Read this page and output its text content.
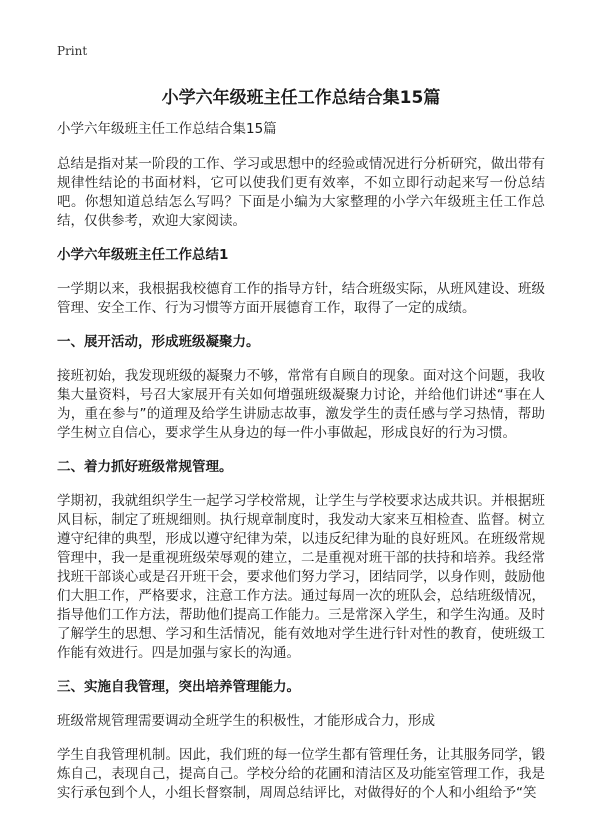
Print
小学六年级班主任工作总结合集15篇

小学六年级班主任工作总结合集15篇

总结是指对某一阶段的工作、学习或思想中的经验或情况进行分析研究，做出带有规律性结论的书面材料，它可以使我们更有效率，不如立即行动起来写一份总结吧。你想知道总结怎么写吗？下面是小编为大家整理的小学六年级班主任工作总结，仅供参考，欢迎大家阅读。

小学六年级班主任工作总结1

一学期以来，我根据我校德育工作的指导方针，结合班级实际，从班风建设、班级管理、安全工作、行为习惯等方面开展德育工作，取得了一定的成绩。

一、展开活动，形成班级凝聚力。

接班初始，我发现班级的凝聚力不够，常常有自顾自的现象。面对这个问题，我收集大量资料，号召大家展开有关如何增强班级凝聚力讨论，并给他们讲述“事在人为，重在参与”的道理及给学生讲励志故事，激发学生的责任感与学习热情，帮助学生树立自信心，要求学生从身边的每一件小事做起，形成良好的行为习惯。

二、着力抓好班级常规管理。

学期初，我就组织学生一起学习学校常规，让学生与学校要求达成共识。并根据班风目标，制定了班规细则。执行规章制度时，我发动大家来互相检查、监督。树立遵守纪律的典型，形成以遵守纪律为荣，以违反纪律为耻的良好班风。在班级常规管理中，我一是重视班级荣辱观的建立，二是重视对班干部的扶持和培养。我经常找班干部谈心或是召开班干会，要求他们努力学习，团结同学，以身作则，鼓励他们大胆工作，严格要求，注意工作方法。通过每周一次的班队会，总结班级情况，指导他们工作方法，帮助他们提高工作能力。三是常深入学生，和学生沟通。及时了解学生的思想、学习和生活情况，能有效地对学生进行针对性的教育，使班级工作能有效进行。四是加强与家长的沟通。

三、实施自我管理，突出培养管理能力。

班级常规管理需要调动全班学生的积极性，才能形成合力，形成

学生自我管理机制。因此，我们班的每一位学生都有管理任务，让其服务同学，锻炼自己，表现自己，提高自己。学校分给的花圃和清洁区及功能室管理工作，我是实行承包到个人，小组长督察制，周周总结评比，对做得好的个人和小组给予“笑
